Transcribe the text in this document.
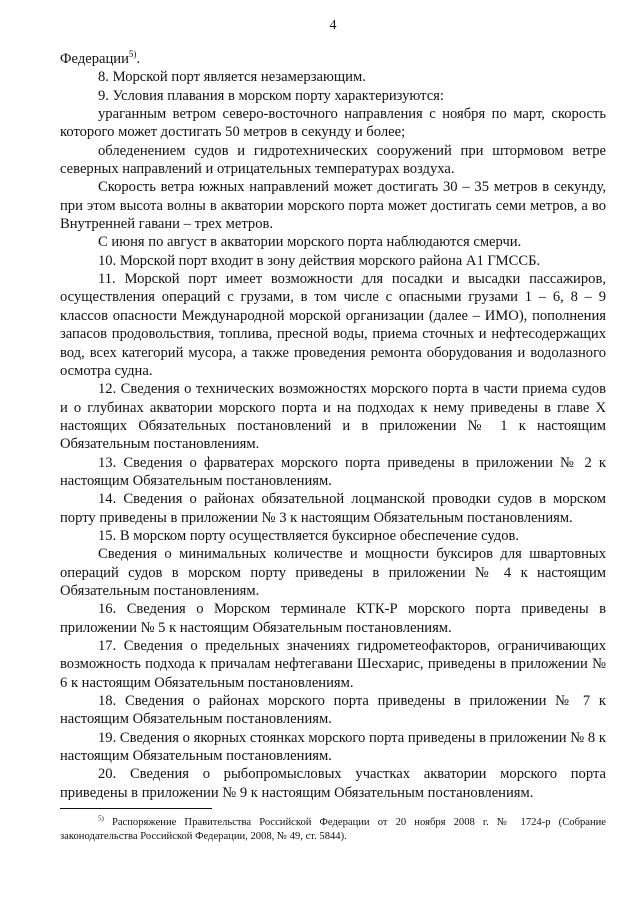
4

Федерации$^{5)}$.

8. Морской порт является незамерзающим.

9. Условия плавания в морском порту характеризуются:

ураганным ветром северо-восточного направления с ноября по март, скорость которого может достигать 50 метров в секунду и более;

обледенением судов и гидротехнических сооружений при штормовом ветре северных направлений и отрицательных температурах воздуха.

Скорость ветра южных направлений может достигать 30 – 35 метров в секунду, при этом высота волны в акватории морского порта может достигать семи метров, а во Внутренней гавани – трех метров.

С июня по август в акватории морского порта наблюдаются смерчи.

10. Морской порт входит в зону действия морского района А1 ГМССБ.

11. Морской порт имеет возможности для посадки и высадки пассажиров, осуществления операций с грузами, в том числе с опасными грузами 1 – 6, 8 – 9 классов опасности Международной морской организации (далее – ИМО), пополнения запасов продовольствия, топлива, пресной воды, приема сточных и нефтесодержащих вод, всех категорий мусора, а также проведения ремонта оборудования и водолазного осмотра судна.

12. Сведения о технических возможностях морского порта в части приема судов и о глубинах акватории морского порта и на подходах к нему приведены в главе X настоящих Обязательных постановлений и в приложении № 1 к настоящим Обязательным постановлениям.

13. Сведения о фарватерах морского порта приведены в приложении № 2 к настоящим Обязательным постановлениям.

14. Сведения о районах обязательной лоцманской проводки судов в морском порту приведены в приложении № 3 к настоящим Обязательным постановлениям.

15. В морском порту осуществляется буксирное обеспечение судов.

Сведения о минимальных количестве и мощности буксиров для швартовных операций судов в морском порту приведены в приложении № 4 к настоящим Обязательным постановлениям.

16. Сведения о Морском терминале КТК-Р морского порта приведены в приложении № 5 к настоящим Обязательным постановлениям.

17. Сведения о предельных значениях гидрометеофакторов, ограничивающих возможность подхода к причалам нефтегавани Шесхарис, приведены в приложении № 6 к настоящим Обязательным постановлениям.

18. Сведения о районах морского порта приведены в приложении № 7 к настоящим Обязательным постановлениям.

19. Сведения о якорных стоянках морского порта приведены в приложении № 8 к настоящим Обязательным постановлениям.

20. Сведения о рыбопромысловых участках акватории морского порта приведены в приложении № 9 к настоящим Обязательным постановлениям.

$^{5)}$ Распоряжение Правительства Российской Федерации от 20 ноября 2008 г. № 1724-р (Собрание законодательства Российской Федерации, 2008, № 49, ст. 5844).
